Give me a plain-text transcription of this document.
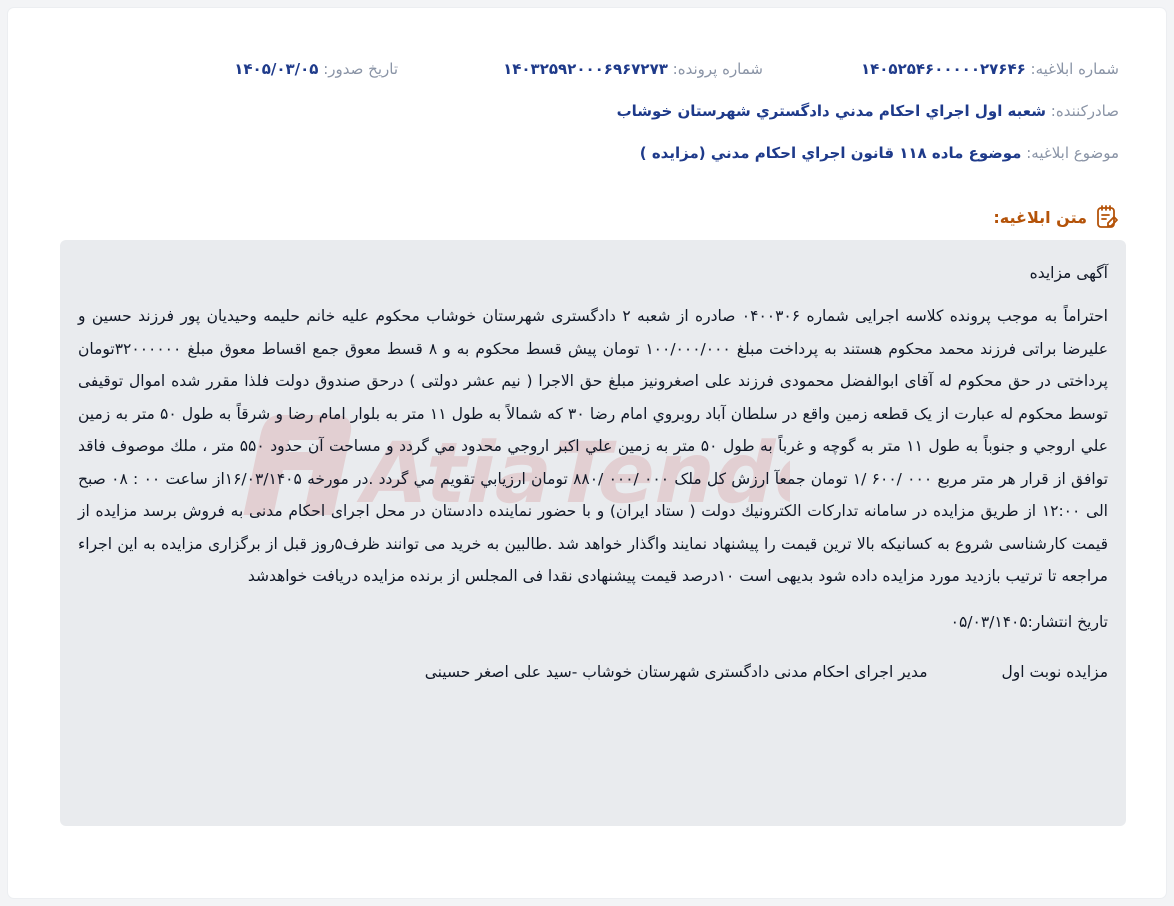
شماره ابلاغیه: ۱۴۰۵۲۵۴۶۰۰۰۰۰۲۷۶۴۶
شماره پرونده: ۱۴۰۳۲۵۹۲۰۰۰۶۹۶۷۲۷۳
تاریخ صدور: ۱۴۰۵/۰۳/۰۵
صادرکننده: شعبه اول اجراي احكام مدني دادگستري شهرستان خوشاب
موضوع ابلاغیه: موضوع ماده ۱۱۸ قانون اجراي احكام مدني (مزايده )
متن ابلاغیه:
AtiaTender.net

آگهی مزایده

احتراماً به موجب پرونده کلاسه اجرایی شماره ۰۴۰۰۳۰۶ صادره از شعبه ۲ دادگستری شهرستان خوشاب محکوم علیه خانم حلیمه وحیدیان پور فرزند حسین و علیرضا براتی فرزند محمد محکوم هستند به پرداخت مبلغ ۱۰۰/۰۰۰/۰۰۰ تومان پیش قسط محکوم به و ۸ قسط معوق جمع اقساط معوق مبلغ ۳۲۰۰۰۰۰۰تومان پرداختی در حق محکوم له آقای ابوالفضل محمودی فرزند علی اصغرونیز مبلغ حق الاجرا ( نیم عشر دولتی ) درحق صندوق دولت فلذا مقرر شده اموال توقیفی توسط محکوم له عبارت از یک قطعه زمین واقع در سلطان آباد روبروي امام رضا ۳۰ که شمالاً به طول ۱۱ متر به بلوار امام رضا و شرقاً به طول ۵۰ متر به زمین علي اروجي و جنوباً به طول ۱۱ متر به گوچه و غرباً به طول ۵۰ متر به زمین علي اكبر اروجي محدود مي گردد و مساحت آن حدود ۵۵۰ متر ، ملك موصوف فاقد توافق از قرار هر متر مربع ۰۰۰ /۶۰۰ /۱ تومان جمعآ ارزش کل ملک ۰۰۰ /۰۰۰ /۸۸۰ تومان ارزيابي تقويم مي گردد .در مورخه ۱۶/۰۳/۱۴۰۵از ساعت ۰۰ : ۰۸ صبح الی ۱۲:۰۰ از طریق مزایده در سامانه تداركات الكترونيك دولت ( ستاد ایران) و با حضور نماینده دادستان در محل اجرای احکام مدنی به فروش برسد مزایده از قیمت کارشناسی شروع به کسانیکه بالا ترین قیمت را پیشنهاد نمایند واگذار خواهد شد .طالبین به خرید می توانند ظرف۵روز قبل از برگزاری مزایده به این اجراء مراجعه تا ترتیب بازدید مورد مزایده داده شود بدیهی است ۱۰درصد قیمت پیشنهادی نقدا فی المجلس از برنده مزایده دریافت خواهدشد

تاریخ انتشار:۰۵/۰۳/۱۴۰۵

مزایده نوبت اول
مدیر اجرای احکام مدنی دادگستری شهرستان خوشاب -سید علی اصغر حسینی
